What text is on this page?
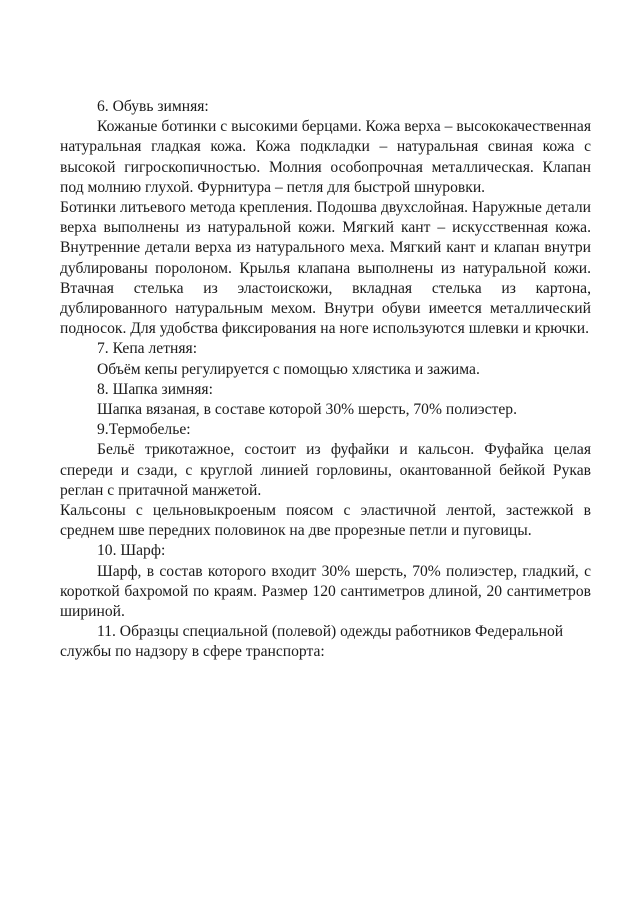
6. Обувь зимняя:

Кожаные ботинки с высокими берцами. Кожа верха – высококачественная натуральная гладкая кожа. Кожа подкладки – натуральная свиная кожа с высокой гигроскопичностью. Молния особопрочная металлическая. Клапан под молнию глухой. Фурнитура – петля для быстрой шнуровки.

Ботинки литьевого метода крепления. Подошва двухслойная. Наружные детали верха выполнены из натуральной кожи. Мягкий кант – искусственная кожа. Внутренние детали верха из натурального меха. Мягкий кант и клапан внутри дублированы поролоном. Крылья клапана выполнены из натуральной кожи. Втачная стелька из эластоискожи, вкладная стелька из картона, дублированного натуральным мехом. Внутри обуви имеется металлический подносок. Для удобства фиксирования на ноге используются шлевки и крючки.

7. Кепа летняя:

Объём кепы регулируется с помощью хлястика и зажима.

8. Шапка зимняя:

Шапка вязаная, в составе которой 30% шерсть, 70% полиэстер.

9.Термобелье:

Бельё трикотажное, состоит из фуфайки и кальсон. Фуфайка целая спереди и сзади, с круглой линией горловины, окантованной бейкой Рукав реглан с притачной манжетой.

Кальсоны с цельновыкроеным поясом с эластичной лентой, застежкой в среднем шве передних половинок на две прорезные петли и пуговицы.

10. Шарф:

Шарф, в состав которого входит 30% шерсть, 70% полиэстер, гладкий, с короткой бахромой по краям. Размер 120 сантиметров длиной, 20 сантиметров шириной.

11. Образцы специальной (полевой) одежды работников Федеральной службы по надзору в сфере транспорта:
